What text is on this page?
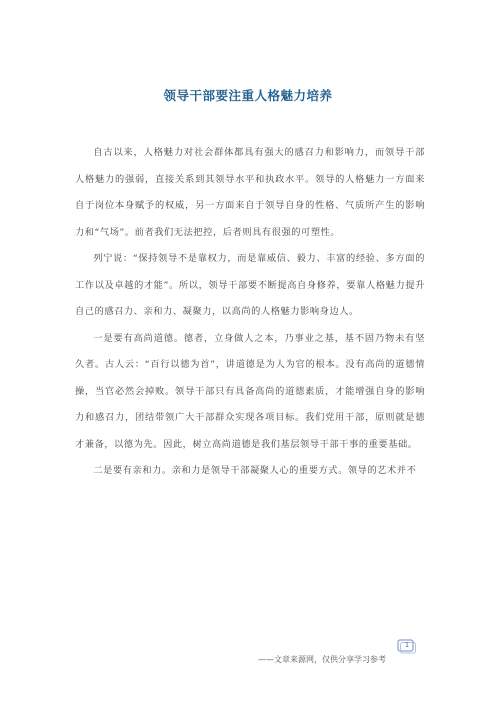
领导干部要注重人格魅力培养

自古以来，人格魅力对社会群体都具有强大的感召力和影响力，而领导干部人格魅力的强弱，直接关系到其领导水平和执政水平。领导的人格魅力一方面来自于岗位本身赋予的权威，另一方面来自于领导自身的性格、气质所产生的影响力和“气场”。前者我们无法把控，后者则具有很强的可塑性。

列宁说：“保持领导不是靠权力，而是靠威信、毅力、丰富的经验、多方面的工作以及卓越的才能”。所以，领导干部要不断提高自身修养，要靠人格魅力提升自己的感召力、亲和力、凝聚力，以高尚的人格魅力影响身边人。

一是要有高尚道德。德者，立身做人之本，乃事业之基，基不固乃物未有坚久者。古人云：“百行以德为首”，讲道德是为人为官的根本。没有高尚的道德情操，当官必然会掉败。领导干部只有具备高尚的道德素质，才能增强自身的影响力和感召力，团结带领广大干部群众实现各项目标。我们党用干部，原则就是德才兼备，以德为先。因此，树立高尚道德是我们基层领导干部干事的重要基础。

二是要有亲和力。亲和力是领导干部凝聚人心的重要方式。领导的艺术并不

——文章来源网，仅供分享学习参考
1
